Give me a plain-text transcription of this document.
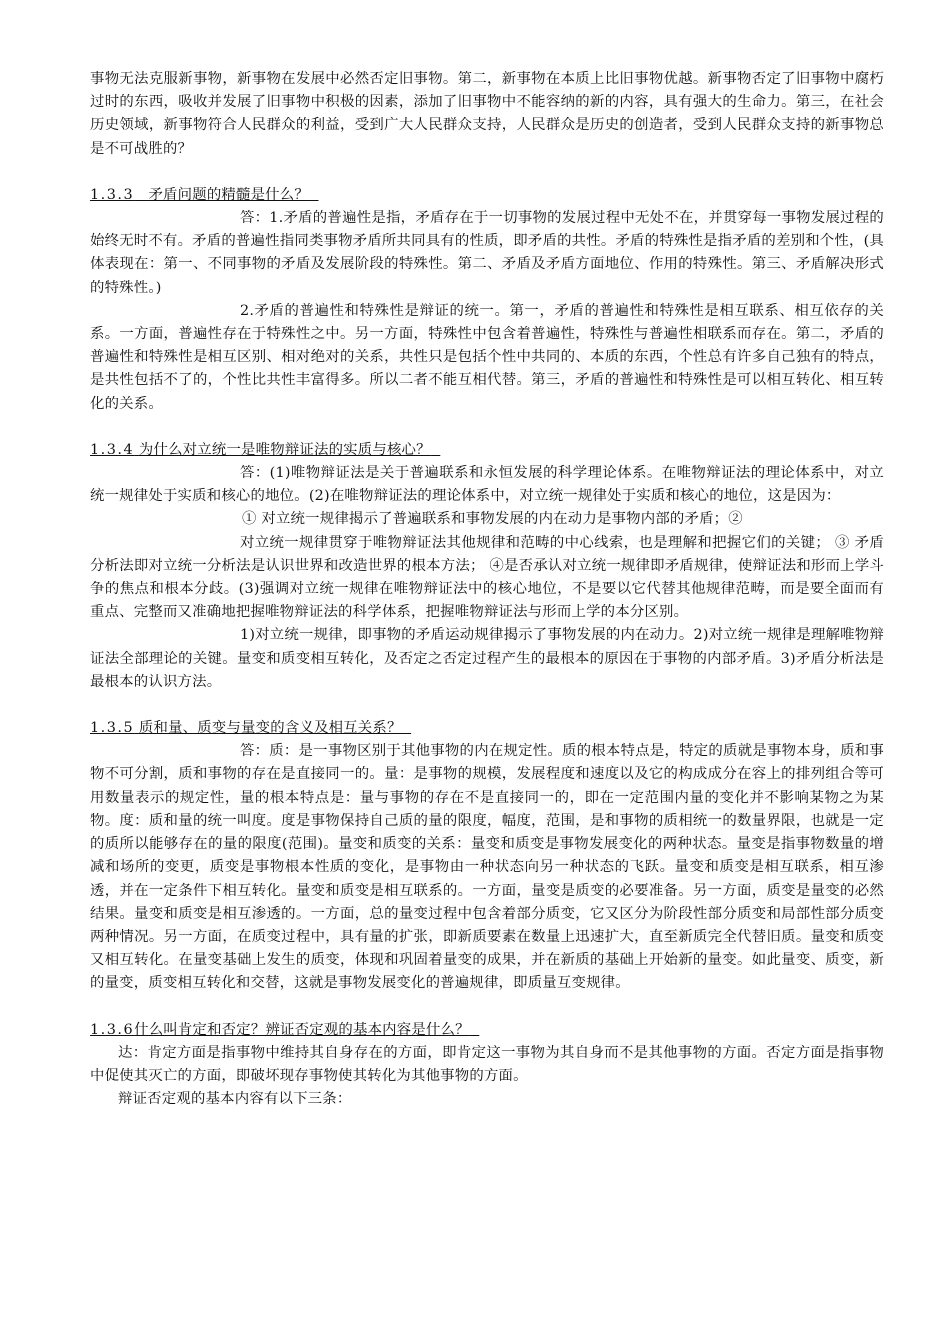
事物无法克服新事物，新事物在发展中必然否定旧事物。第二，新事物在本质上比旧事物优越。新事物否定了旧事物中腐朽过时的东西，吸收并发展了旧事物中积极的因素，添加了旧事物中不能容纳的新的内容，具有强大的生命力。第三，在社会历史领域，新事物符合人民群众的利益，受到广大人民群众支持，人民群众是历史的创造者，受到人民群众支持的新事物总是不可战胜的？

1.3.3 矛盾问题的精髓是什么？

答：1.矛盾的普遍性是指，矛盾存在于一切事物的发展过程中无处不在，并贯穿每一事物发展过程的始终无时不有。矛盾的普遍性指同类事物矛盾所共同具有的性质，即矛盾的共性。矛盾的特殊性是指矛盾的差别和个性，(具体表现在：第一、不同事物的矛盾及发展阶段的特殊性。第二、矛盾及矛盾方面地位、作用的特殊性。第三、矛盾解决形式的特殊性。)

2.矛盾的普遍性和特殊性是辩证的统一。第一，矛盾的普遍性和特殊性是相互联系、相互依存的关系。一方面，普遍性存在于特殊性之中。另一方面，特殊性中包含着普遍性，特殊性与普遍性相联系而存在。第二，矛盾的普遍性和特殊性是相互区别、相对绝对的关系，共性只是包括个性中共同的、本质的东西，个性总有许多自己独有的特点，是共性包括不了的，个性比共性丰富得多。所以二者不能互相代替。第三，矛盾的普遍性和特殊性是可以相互转化、相互转化的关系。

1.3.4 为什么对立统一是唯物辩证法的实质与核心？

答：(1)唯物辩证法是关于普遍联系和永恒发展的科学理论体系。在唯物辩证法的理论体系中，对立统一规律处于实质和核心的地位。(2)在唯物辩证法的理论体系中，对立统一规律处于实质和核心的地位，这是因为：

① 对立统一规律揭示了普遍联系和事物发展的内在动力是事物内部的矛盾；②

对立统一规律贯穿于唯物辩证法其他规律和范畴的中心线索，也是理解和把握它们的关键； ③ 矛盾分析法即对立统一分析法是认识世界和改造世界的根本方法； ④是否承认对立统一规律即矛盾规律，使辩证法和形而上学斗争的焦点和根本分歧。(3)强调对立统一规律在唯物辩证法中的核心地位，不是要以它代替其他规律范畴，而是要全面而有重点、完整而又准确地把握唯物辩证法的科学体系，把握唯物辩证法与形而上学的本分区别。

1)对立统一规律，即事物的矛盾运动规律揭示了事物发展的内在动力。2)对立统一规律是理解唯物辩证法全部理论的关键。量变和质变相互转化，及否定之否定过程产生的最根本的原因在于事物的内部矛盾。3)矛盾分析法是最根本的认识方法。

1.3.5 质和量、质变与量变的含义及相互关系？

答：质：是一事物区别于其他事物的内在规定性。质的根本特点是，特定的质就是事物本身，质和事物不可分割，质和事物的存在是直接同一的。量：是事物的规模，发展程度和速度以及它的构成成分在容上的排列组合等可用数量表示的规定性，量的根本特点是：量与事物的存在不是直接同一的，即在一定范围内量的变化并不影响某物之为某物。度：质和量的统一叫度。度是事物保持自己质的量的限度，幅度，范围，是和事物的质相统一的数量界限，也就是一定的质所以能够存在的量的限度(范围)。量变和质变的关系：量变和质变是事物发展变化的两种状态。量变是指事物数量的增减和场所的变更，质变是事物根本性质的变化，是事物由一种状态向另一种状态的飞跃。量变和质变是相互联系，相互渗透，并在一定条件下相互转化。量变和质变是相互联系的。一方面，量变是质变的必要准备。另一方面，质变是量变的必然结果。量变和质变是相互渗透的。一方面，总的量变过程中包含着部分质变，它又区分为阶段性部分质变和局部性部分质变两种情况。另一方面，在质变过程中，具有量的扩张，即新质要素在数量上迅速扩大，直至新质完全代替旧质。量变和质变又相互转化。在量变基础上发生的质变，体现和巩固着量变的成果，并在新质的基础上开始新的量变。如此量变、质变，新的量变，质变相互转化和交替，这就是事物发展变化的普遍规律，即质量互变规律。

1.3.6什么叫肯定和否定？辨证否定观的基本内容是什么？

达：肯定方面是指事物中维持其自身存在的方面，即肯定这一事物为其自身而不是其他事物的方面。否定方面是指事物中促使其灭亡的方面，即破坏现存事物使其转化为其他事物的方面。

辩证否定观的基本内容有以下三条：
